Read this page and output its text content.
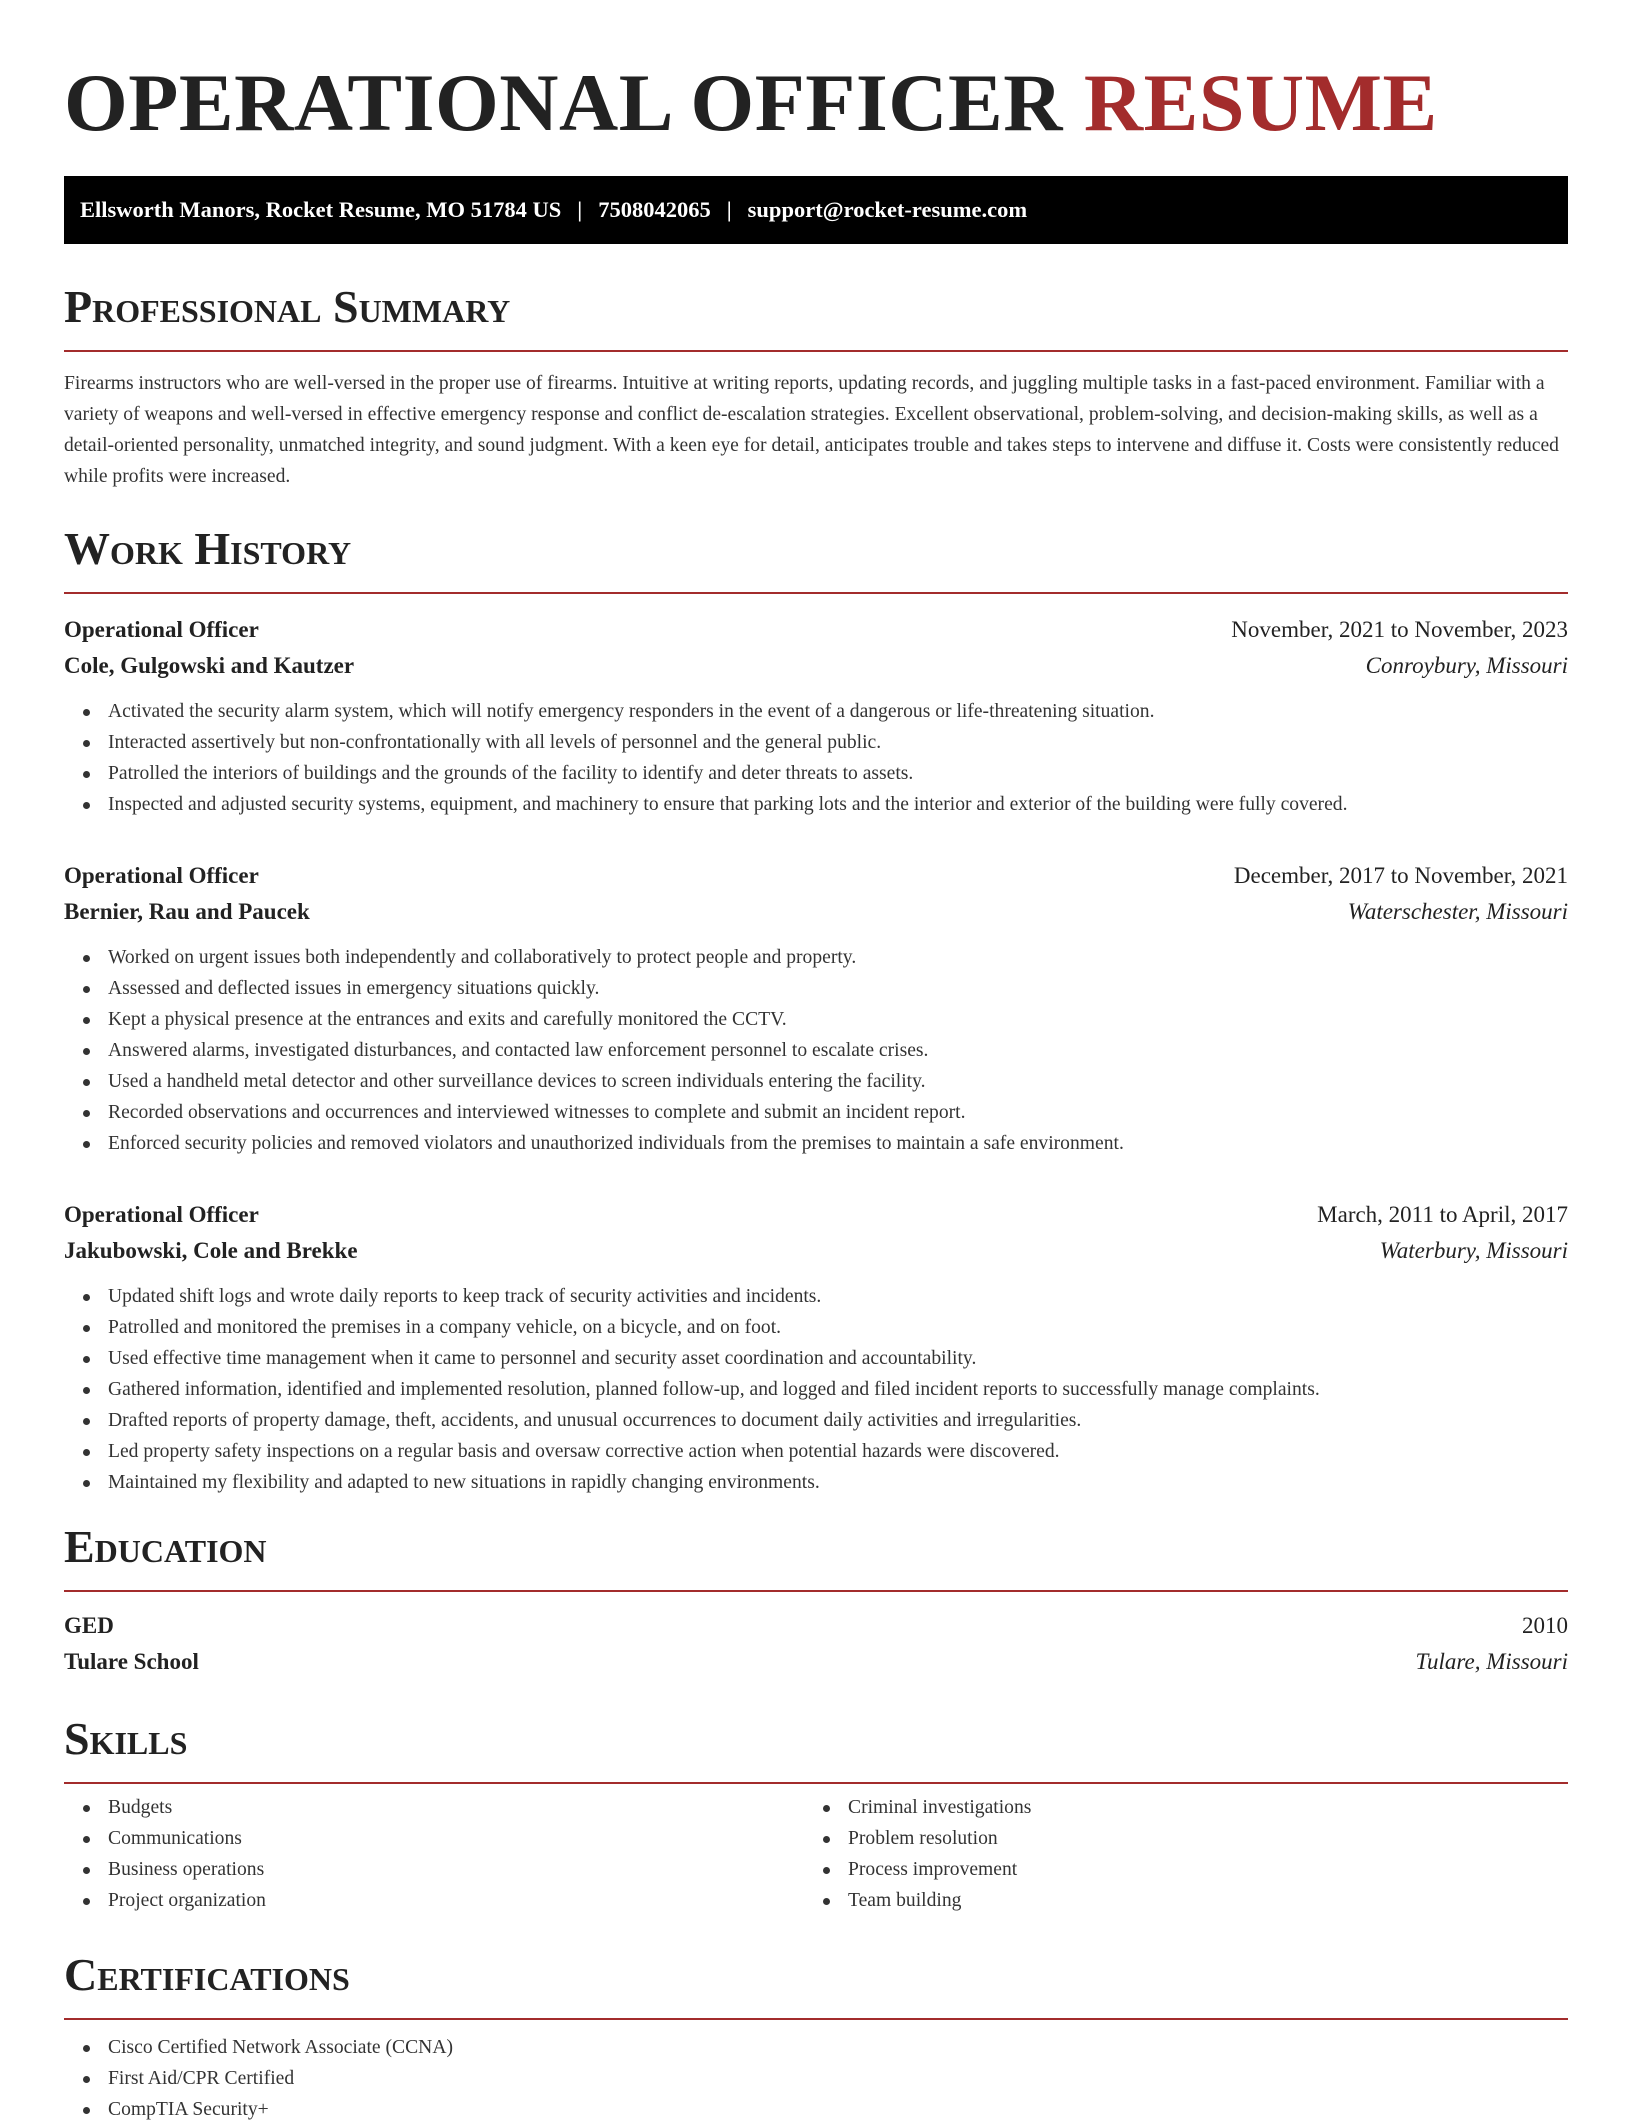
OPERATIONAL OFFICER RESUME
Ellsworth Manors, Rocket Resume, MO 51784 US | 7508042065 | support@rocket-resume.com
Professional Summary

Firearms instructors who are well-versed in the proper use of firearms. Intuitive at writing reports, updating records, and juggling multiple tasks in a fast-paced environment. Familiar with a variety of weapons and well-versed in effective emergency response and conflict de-escalation strategies. Excellent observational, problem-solving, and decision-making skills, as well as a detail-oriented personality, unmatched integrity, and sound judgment. With a keen eye for detail, anticipates trouble and takes steps to intervene and diffuse it. Costs were consistently reduced while profits were increased.

Work History
Operational Officer	November, 2021 to November, 2023
Cole, Gulgowski and Kautzer	Conroybury, Missouri
Activated the security alarm system, which will notify emergency responders in the event of a dangerous or life-threatening situation.
Interacted assertively but non-confrontationally with all levels of personnel and the general public.
Patrolled the interiors of buildings and the grounds of the facility to identify and deter threats to assets.
Inspected and adjusted security systems, equipment, and machinery to ensure that parking lots and the interior and exterior of the building were fully covered.
Operational Officer	December, 2017 to November, 2021
Bernier, Rau and Paucek	Waterschester, Missouri
Worked on urgent issues both independently and collaboratively to protect people and property.
Assessed and deflected issues in emergency situations quickly.
Kept a physical presence at the entrances and exits and carefully monitored the CCTV.
Answered alarms, investigated disturbances, and contacted law enforcement personnel to escalate crises.
Used a handheld metal detector and other surveillance devices to screen individuals entering the facility.
Recorded observations and occurrences and interviewed witnesses to complete and submit an incident report.
Enforced security policies and removed violators and unauthorized individuals from the premises to maintain a safe environment.
Operational Officer	March, 2011 to April, 2017
Jakubowski, Cole and Brekke	Waterbury, Missouri
Updated shift logs and wrote daily reports to keep track of security activities and incidents.
Patrolled and monitored the premises in a company vehicle, on a bicycle, and on foot.
Used effective time management when it came to personnel and security asset coordination and accountability.
Gathered information, identified and implemented resolution, planned follow-up, and logged and filed incident reports to successfully manage complaints.
Drafted reports of property damage, theft, accidents, and unusual occurrences to document daily activities and irregularities.
Led property safety inspections on a regular basis and oversaw corrective action when potential hazards were discovered.
Maintained my flexibility and adapted to new situations in rapidly changing environments.
Education
GED	2010
Tulare School	Tulare, Missouri
Skills
Budgets
Communications
Business operations
Project organization
Criminal investigations
Problem resolution
Process improvement
Team building
Certifications
Cisco Certified Network Associate (CCNA)
First Aid/CPR Certified
CompTIA Security+
